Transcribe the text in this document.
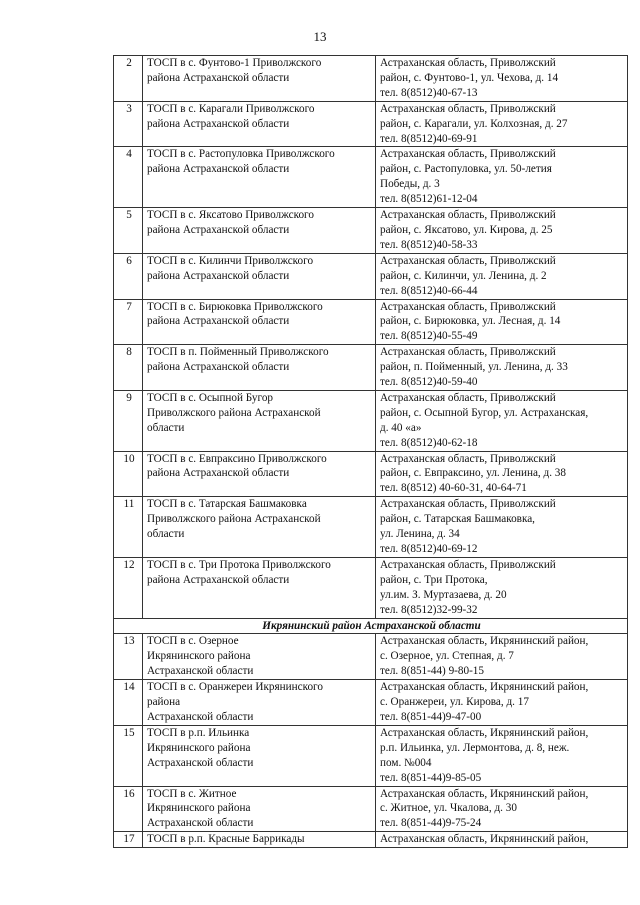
13
2	ТОСП в с. Фунтово-1 Приволжского
района Астраханской области	Астраханская область, Приволжский
район, с. Фунтово-1, ул. Чехова, д. 14
тел. 8(8512)40-67-13

3	ТОСП в с. Карагали Приволжского
района Астраханской области	Астраханская область, Приволжский
район, с. Карагали, ул. Колхозная, д. 27
тел. 8(8512)40-69-91

4	ТОСП в с. Растопуловка Приволжского
района Астраханской области	Астраханская область, Приволжский
район, с. Растопуловка, ул. 50-летия
Победы, д. 3
тел. 8(8512)61-12-04

5	ТОСП в с. Яксатово Приволжского
района Астраханской области	Астраханская область, Приволжский
район, с. Яксатово, ул. Кирова, д. 25
тел. 8(8512)40-58-33

6	ТОСП в с. Килинчи Приволжского
района Астраханской области	Астраханская область, Приволжский
район, с. Килинчи, ул. Ленина, д. 2
тел. 8(8512)40-66-44

7	ТОСП в с. Бирюковка Приволжского
района Астраханской области	Астраханская область, Приволжский
район, с. Бирюковка, ул. Лесная, д. 14
тел. 8(8512)40-55-49

8	ТОСП в п. Пойменный Приволжского
района Астраханской области	Астраханская область, Приволжский
район, п. Пойменный, ул. Ленина, д. 33
тел. 8(8512)40-59-40

9	ТОСП в с. Осыпной Бугор
Приволжского района Астраханской
области	Астраханская область, Приволжский
район, с. Осыпной Бугор, ул. Астраханская,
д. 40 «а»
тел. 8(8512)40-62-18

10	ТОСП в с. Евпраксино Приволжского
района Астраханской области	Астраханская область, Приволжский
район, с. Евпраксино, ул. Ленина, д. 38
тел. 8(8512) 40-60-31, 40-64-71

11	ТОСП в с. Татарская Башмаковка
Приволжского района Астраханской
области	Астраханская область, Приволжский
район, с. Татарская Башмаковка,
ул. Ленина, д. 34
тел. 8(8512)40-69-12

12	ТОСП в с. Три Протока Приволжского
района Астраханской области	Астраханская область, Приволжский
район, с. Три Протока,
ул.им. З. Муртазаева, д. 20
тел. 8(8512)32-99-32

Икрянинский район Астраханской области		
13	ТОСП в с. Озерное
Икрянинского района
Астраханской области	Астраханская область, Икрянинский район,
с. Озерное, ул. Степная, д. 7
тел. 8(851-44) 9-80-15

14	ТОСП в с. Оранжереи Икрянинского
района
Астраханской области	Астраханская область, Икрянинский район,
с. Оранжереи, ул. Кирова, д. 17
тел. 8(851-44)9-47-00

15	ТОСП в р.п. Ильинка
Икрянинского района
Астраханской области	Астраханская область, Икрянинский район,
р.п. Ильинка, ул. Лермонтова, д. 8, неж.
пом. №004
тел. 8(851-44)9-85-05

16	ТОСП в с. Житное
Икрянинского района
Астраханской области	Астраханская область, Икрянинский район,
с. Житное, ул. Чкалова, д. 30
тел. 8(851-44)9-75-24

17	ТОСП в р.п. Красные Баррикады	Астраханская область, Икрянинский район,
